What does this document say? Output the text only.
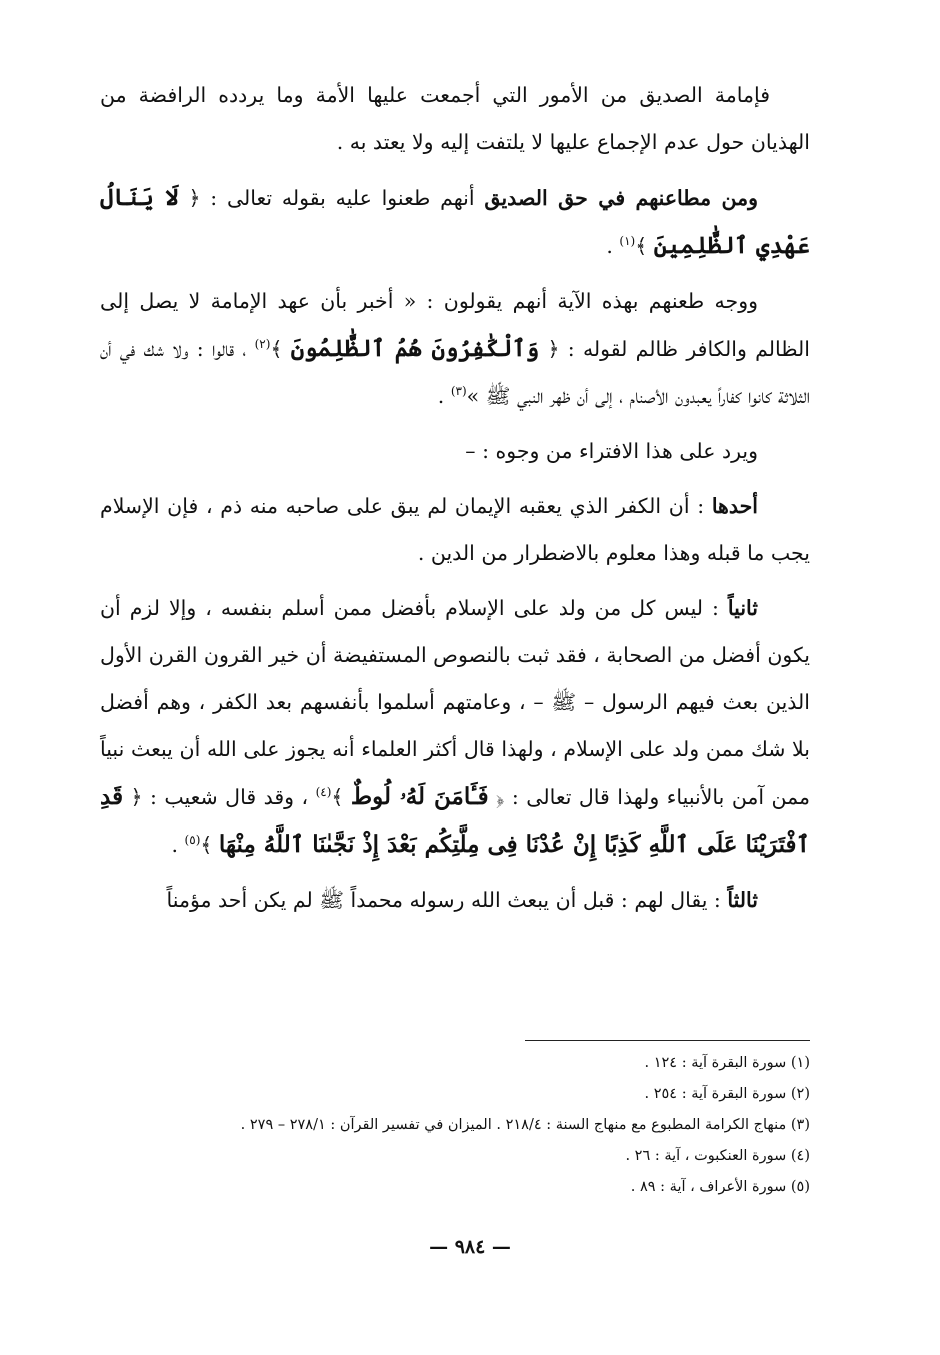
فإمامة الصديق من الأمور التي أجمعت عليها الأمة وما يردده الرافضة من الهذيان حول عدم الإجماع عليها لا يلتفت إليه ولا يعتد به .

ومن مطاعنهم في حق الصديق أنهم طعنوا عليه بقوله تعالى : ﴿ لَا يَنَالُ عَهْدِي ٱلظَّٰلِمِينَ ﴾$^{(١)}$ .

ووجه طعنهم بهذه الآية أنهم يقولون : « أخبر بأن عهد الإمامة لا يصل إلى الظالم والكافر ظالم لقوله : ﴿ وَٱلْكَٰفِرُونَ هُمُ ٱلظَّٰلِمُونَ ﴾$^{(٢)}$ ، قالوا : ولا شك في أن الثلاثة كانوا كفاراً يعبدون الأصنام ، إلى أن ظهر النبي ﷺ »$^{(٣)}$ .

ويرد على هذا الافتراء من وجوه : –

أحدها : أن الكفر الذي يعقبه الإيمان لم يبق على صاحبه منه ذم ، فإن الإسلام يجب ما قبله وهذا معلوم بالاضطرار من الدين .

ثانياً : ليس كل من ولد على الإسلام بأفضل ممن أسلم بنفسه ، وإلا لزم أن يكون أفضل من الصحابة ، فقد ثبت بالنصوص المستفيضة أن خير القرون القرن الأول الذين بعث فيهم الرسول – ﷺ – ، وعامتهم أسلموا بأنفسهم بعد الكفر ، وهم أفضل بلا شك ممن ولد على الإسلام ، ولهذا قال أكثر العلماء أنه يجوز على الله أن يبعث نبياً ممن آمن بالأنبياء ولهذا قال تعالى : ﴿ فَـَٔامَنَ لَهُۥ لُوطٌ ﴾$^{(٤)}$ ، وقد قال شعيب : ﴿ قَدِ ٱفْتَرَيْنَا عَلَى ٱللَّهِ كَذِبًا إِنْ عُدْنَا فِى مِلَّتِكُم بَعْدَ إِذْ نَجَّىٰنَا ٱللَّهُ مِنْهَا ﴾$^{(٥)}$ .

ثالثاً : يقال لهم : قبل أن يبعث الله رسوله محمداً ﷺ لم يكن أحد مؤمناً

(١) سورة البقرة آية : ١٢٤ .

(٢) سورة البقرة آية : ٢٥٤ .

(٣) منهاج الكرامة المطبوع مع منهاج السنة : ٢١٨/٤ . الميزان في تفسير القرآن : ٢٧٨/١ – ٢٧٩ .

(٤) سورة العنكبوت ، آية : ٢٦ .

(٥) سورة الأعراف ، آية : ٨٩ .

— ٩٨٤ —
